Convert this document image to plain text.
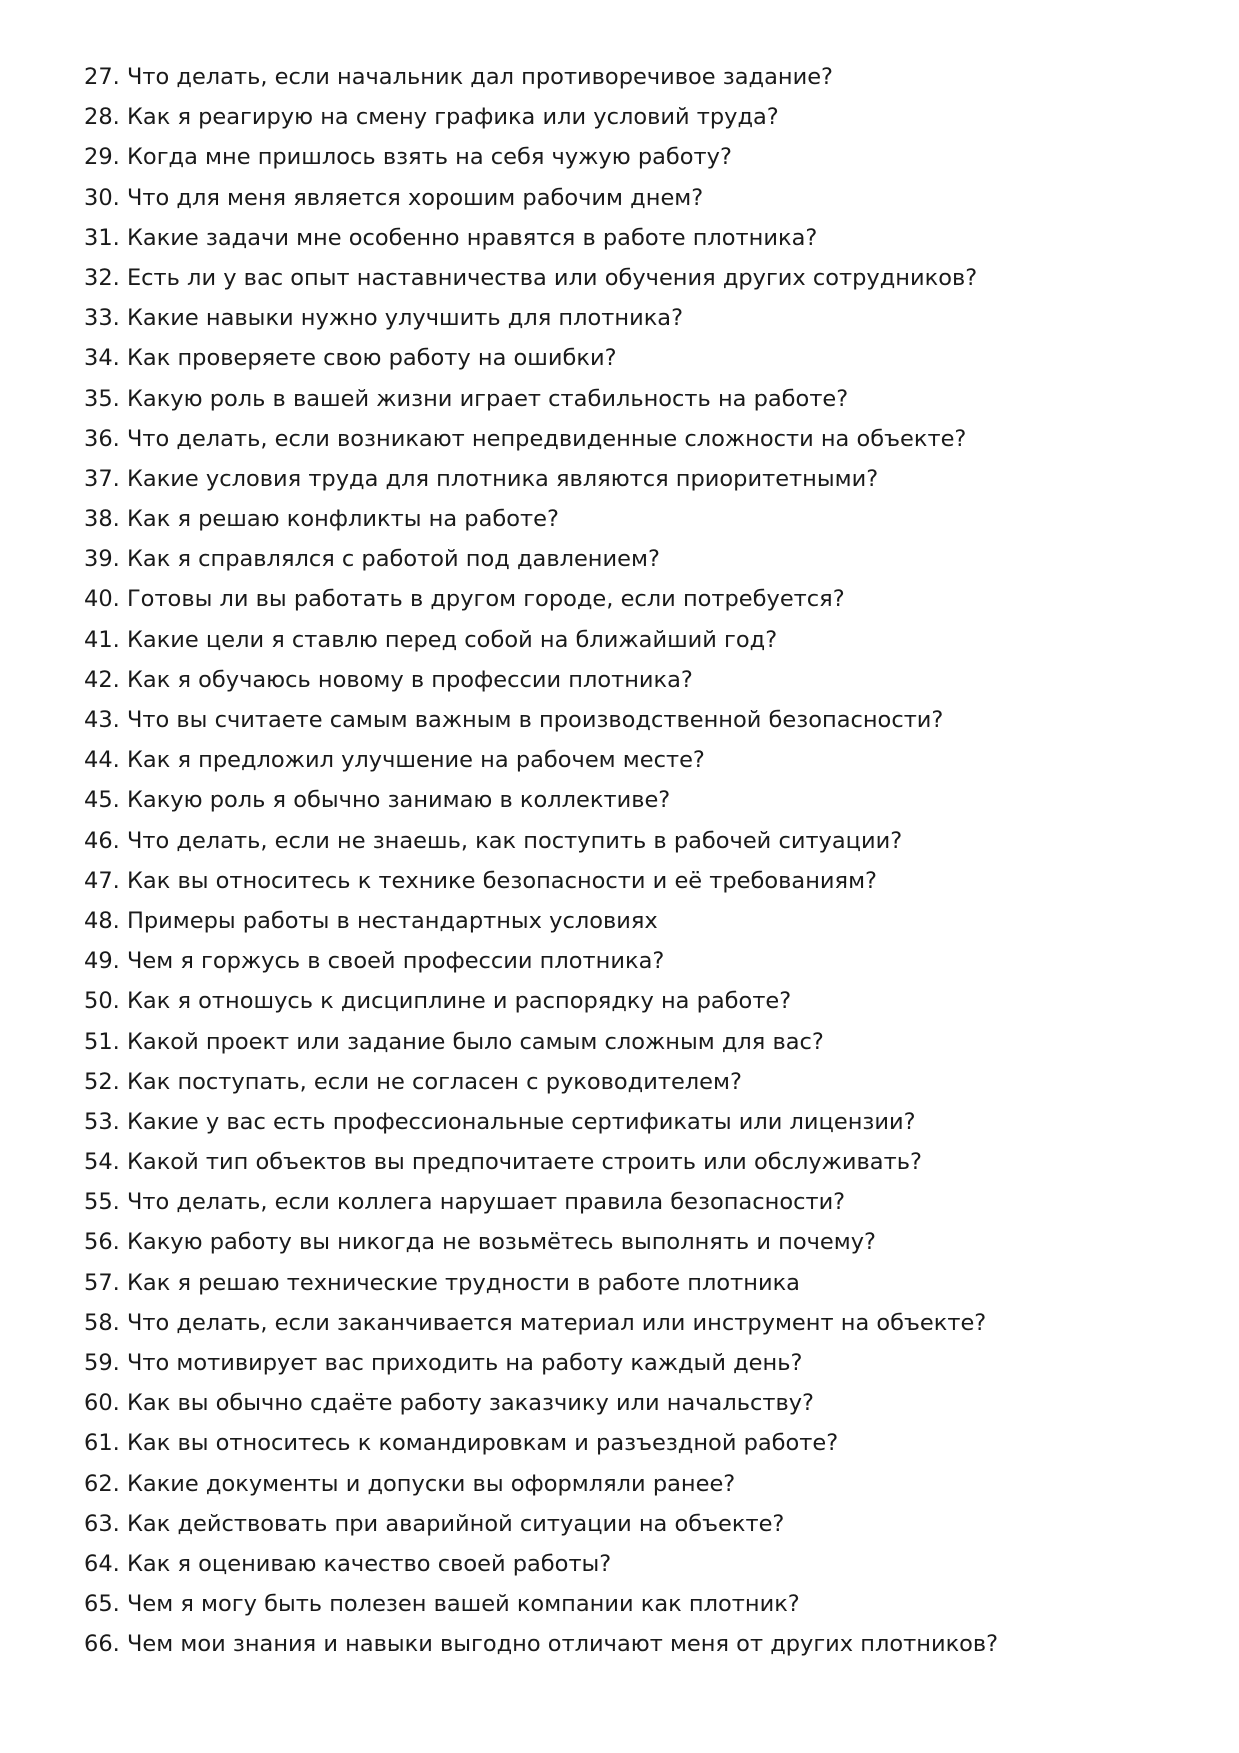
27. Что делать, если начальник дал противоречивое задание?
28. Как я реагирую на смену графика или условий труда?
29. Когда мне пришлось взять на себя чужую работу?
30. Что для меня является хорошим рабочим днем?
31. Какие задачи мне особенно нравятся в работе плотника?
32. Есть ли у вас опыт наставничества или обучения других сотрудников?
33. Какие навыки нужно улучшить для плотника?
34. Как проверяете свою работу на ошибки?
35. Какую роль в вашей жизни играет стабильность на работе?
36. Что делать, если возникают непредвиденные сложности на объекте?
37. Какие условия труда для плотника являются приоритетными?
38. Как я решаю конфликты на работе?
39. Как я справлялся с работой под давлением?
40. Готовы ли вы работать в другом городе, если потребуется?
41. Какие цели я ставлю перед собой на ближайший год?
42. Как я обучаюсь новому в профессии плотника?
43. Что вы считаете самым важным в производственной безопасности?
44. Как я предложил улучшение на рабочем месте?
45. Какую роль я обычно занимаю в коллективе?
46. Что делать, если не знаешь, как поступить в рабочей ситуации?
47. Как вы относитесь к технике безопасности и её требованиям?
48. Примеры работы в нестандартных условиях
49. Чем я горжусь в своей профессии плотника?
50. Как я отношусь к дисциплине и распорядку на работе?
51. Какой проект или задание было самым сложным для вас?
52. Как поступать, если не согласен с руководителем?
53. Какие у вас есть профессиональные сертификаты или лицензии?
54. Какой тип объектов вы предпочитаете строить или обслуживать?
55. Что делать, если коллега нарушает правила безопасности?
56. Какую работу вы никогда не возьмётесь выполнять и почему?
57. Как я решаю технические трудности в работе плотника
58. Что делать, если заканчивается материал или инструмент на объекте?
59. Что мотивирует вас приходить на работу каждый день?
60. Как вы обычно сдаёте работу заказчику или начальству?
61. Как вы относитесь к командировкам и разъездной работе?
62. Какие документы и допуски вы оформляли ранее?
63. Как действовать при аварийной ситуации на объекте?
64. Как я оцениваю качество своей работы?
65. Чем я могу быть полезен вашей компании как плотник?
66. Чем мои знания и навыки выгодно отличают меня от других плотников?
